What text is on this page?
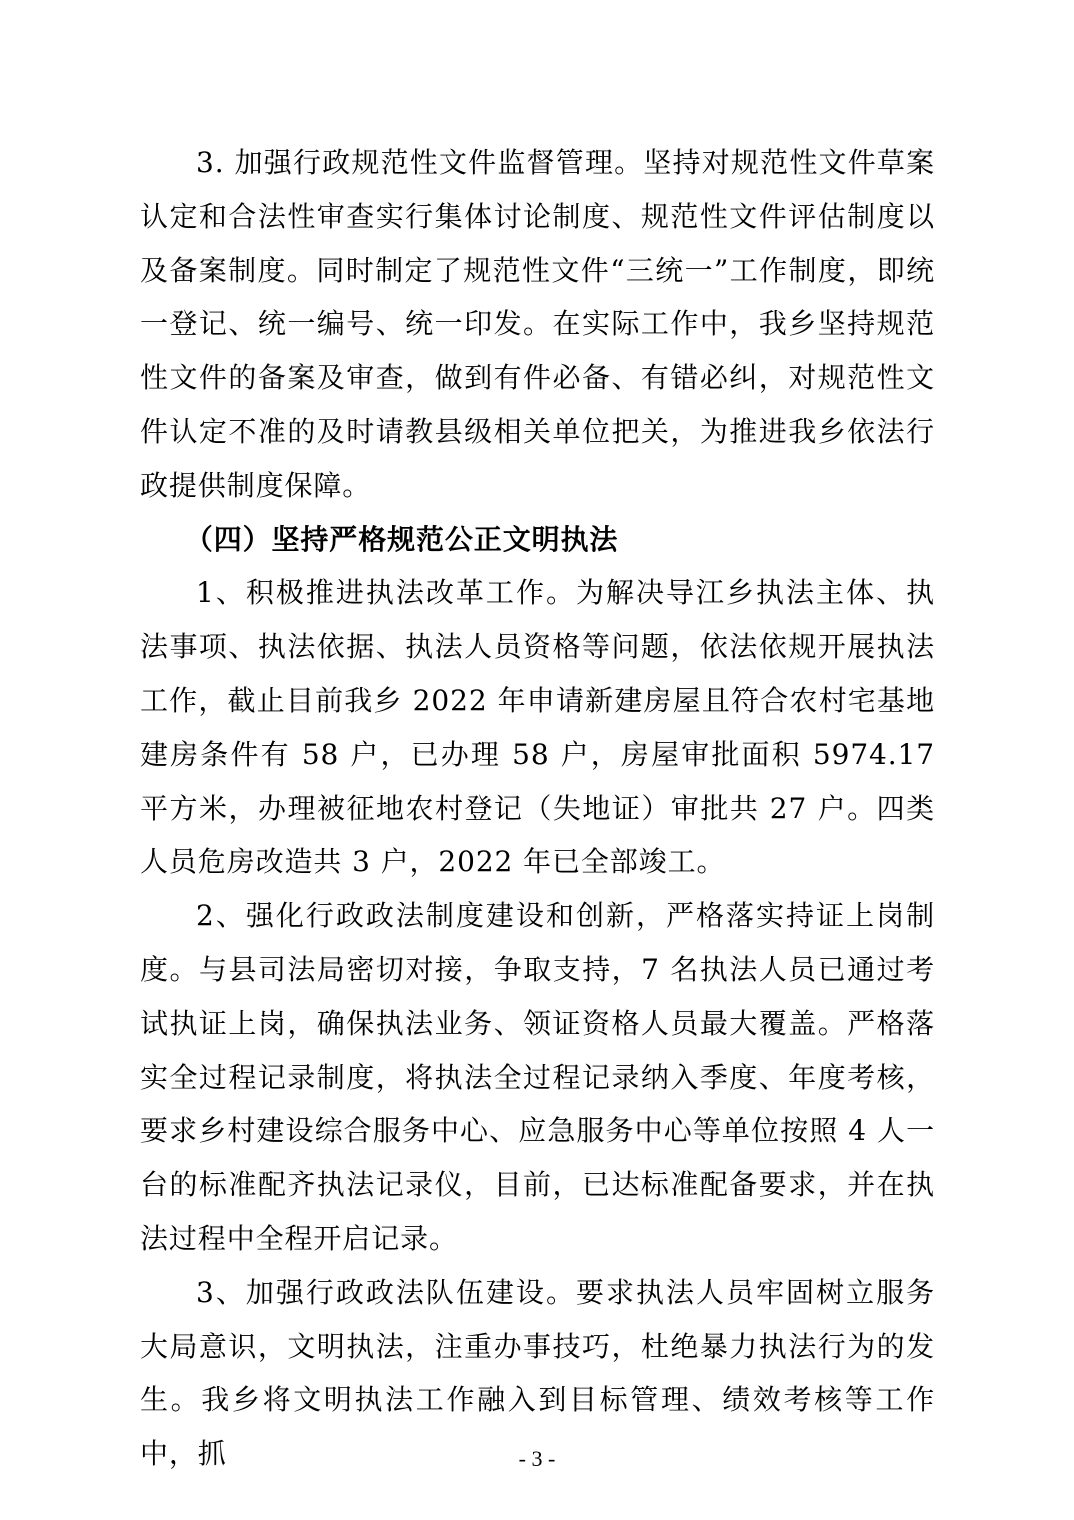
3. 加强行政规范性文件监督管理。坚持对规范性文件草案认定和合法性审查实行集体讨论制度、规范性文件评估制度以及备案制度。同时制定了规范性文件“三统一”工作制度，即统一登记、统一编号、统一印发。在实际工作中，我乡坚持规范性文件的备案及审查，做到有件必备、有错必纠，对规范性文件认定不准的及时请教县级相关单位把关，为推进我乡依法行政提供制度保障。

（四）坚持严格规范公正文明执法

1、积极推进执法改革工作。为解决导江乡执法主体、执法事项、执法依据、执法人员资格等问题，依法依规开展执法工作，截止目前我乡 2022 年申请新建房屋且符合农村宅基地建房条件有 58 户，已办理 58 户，房屋审批面积 5974.17 平方米，办理被征地农村登记（失地证）审批共 27 户。四类人员危房改造共 3 户，2022 年已全部竣工。

2、强化行政政法制度建设和创新，严格落实持证上岗制度。与县司法局密切对接，争取支持，7 名执法人员已通过考试执证上岗，确保执法业务、领证资格人员最大覆盖。严格落实全过程记录制度，将执法全过程记录纳入季度、年度考核，要求乡村建设综合服务中心、应急服务中心等单位按照 4 人一台的标准配齐执法记录仪，目前，已达标准配备要求，并在执法过程中全程开启记录。

3、加强行政政法队伍建设。要求执法人员牢固树立服务大局意识，文明执法，注重办事技巧，杜绝暴力执法行为的发生。我乡将文明执法工作融入到目标管理、绩效考核等工作中，抓	- 3 -
